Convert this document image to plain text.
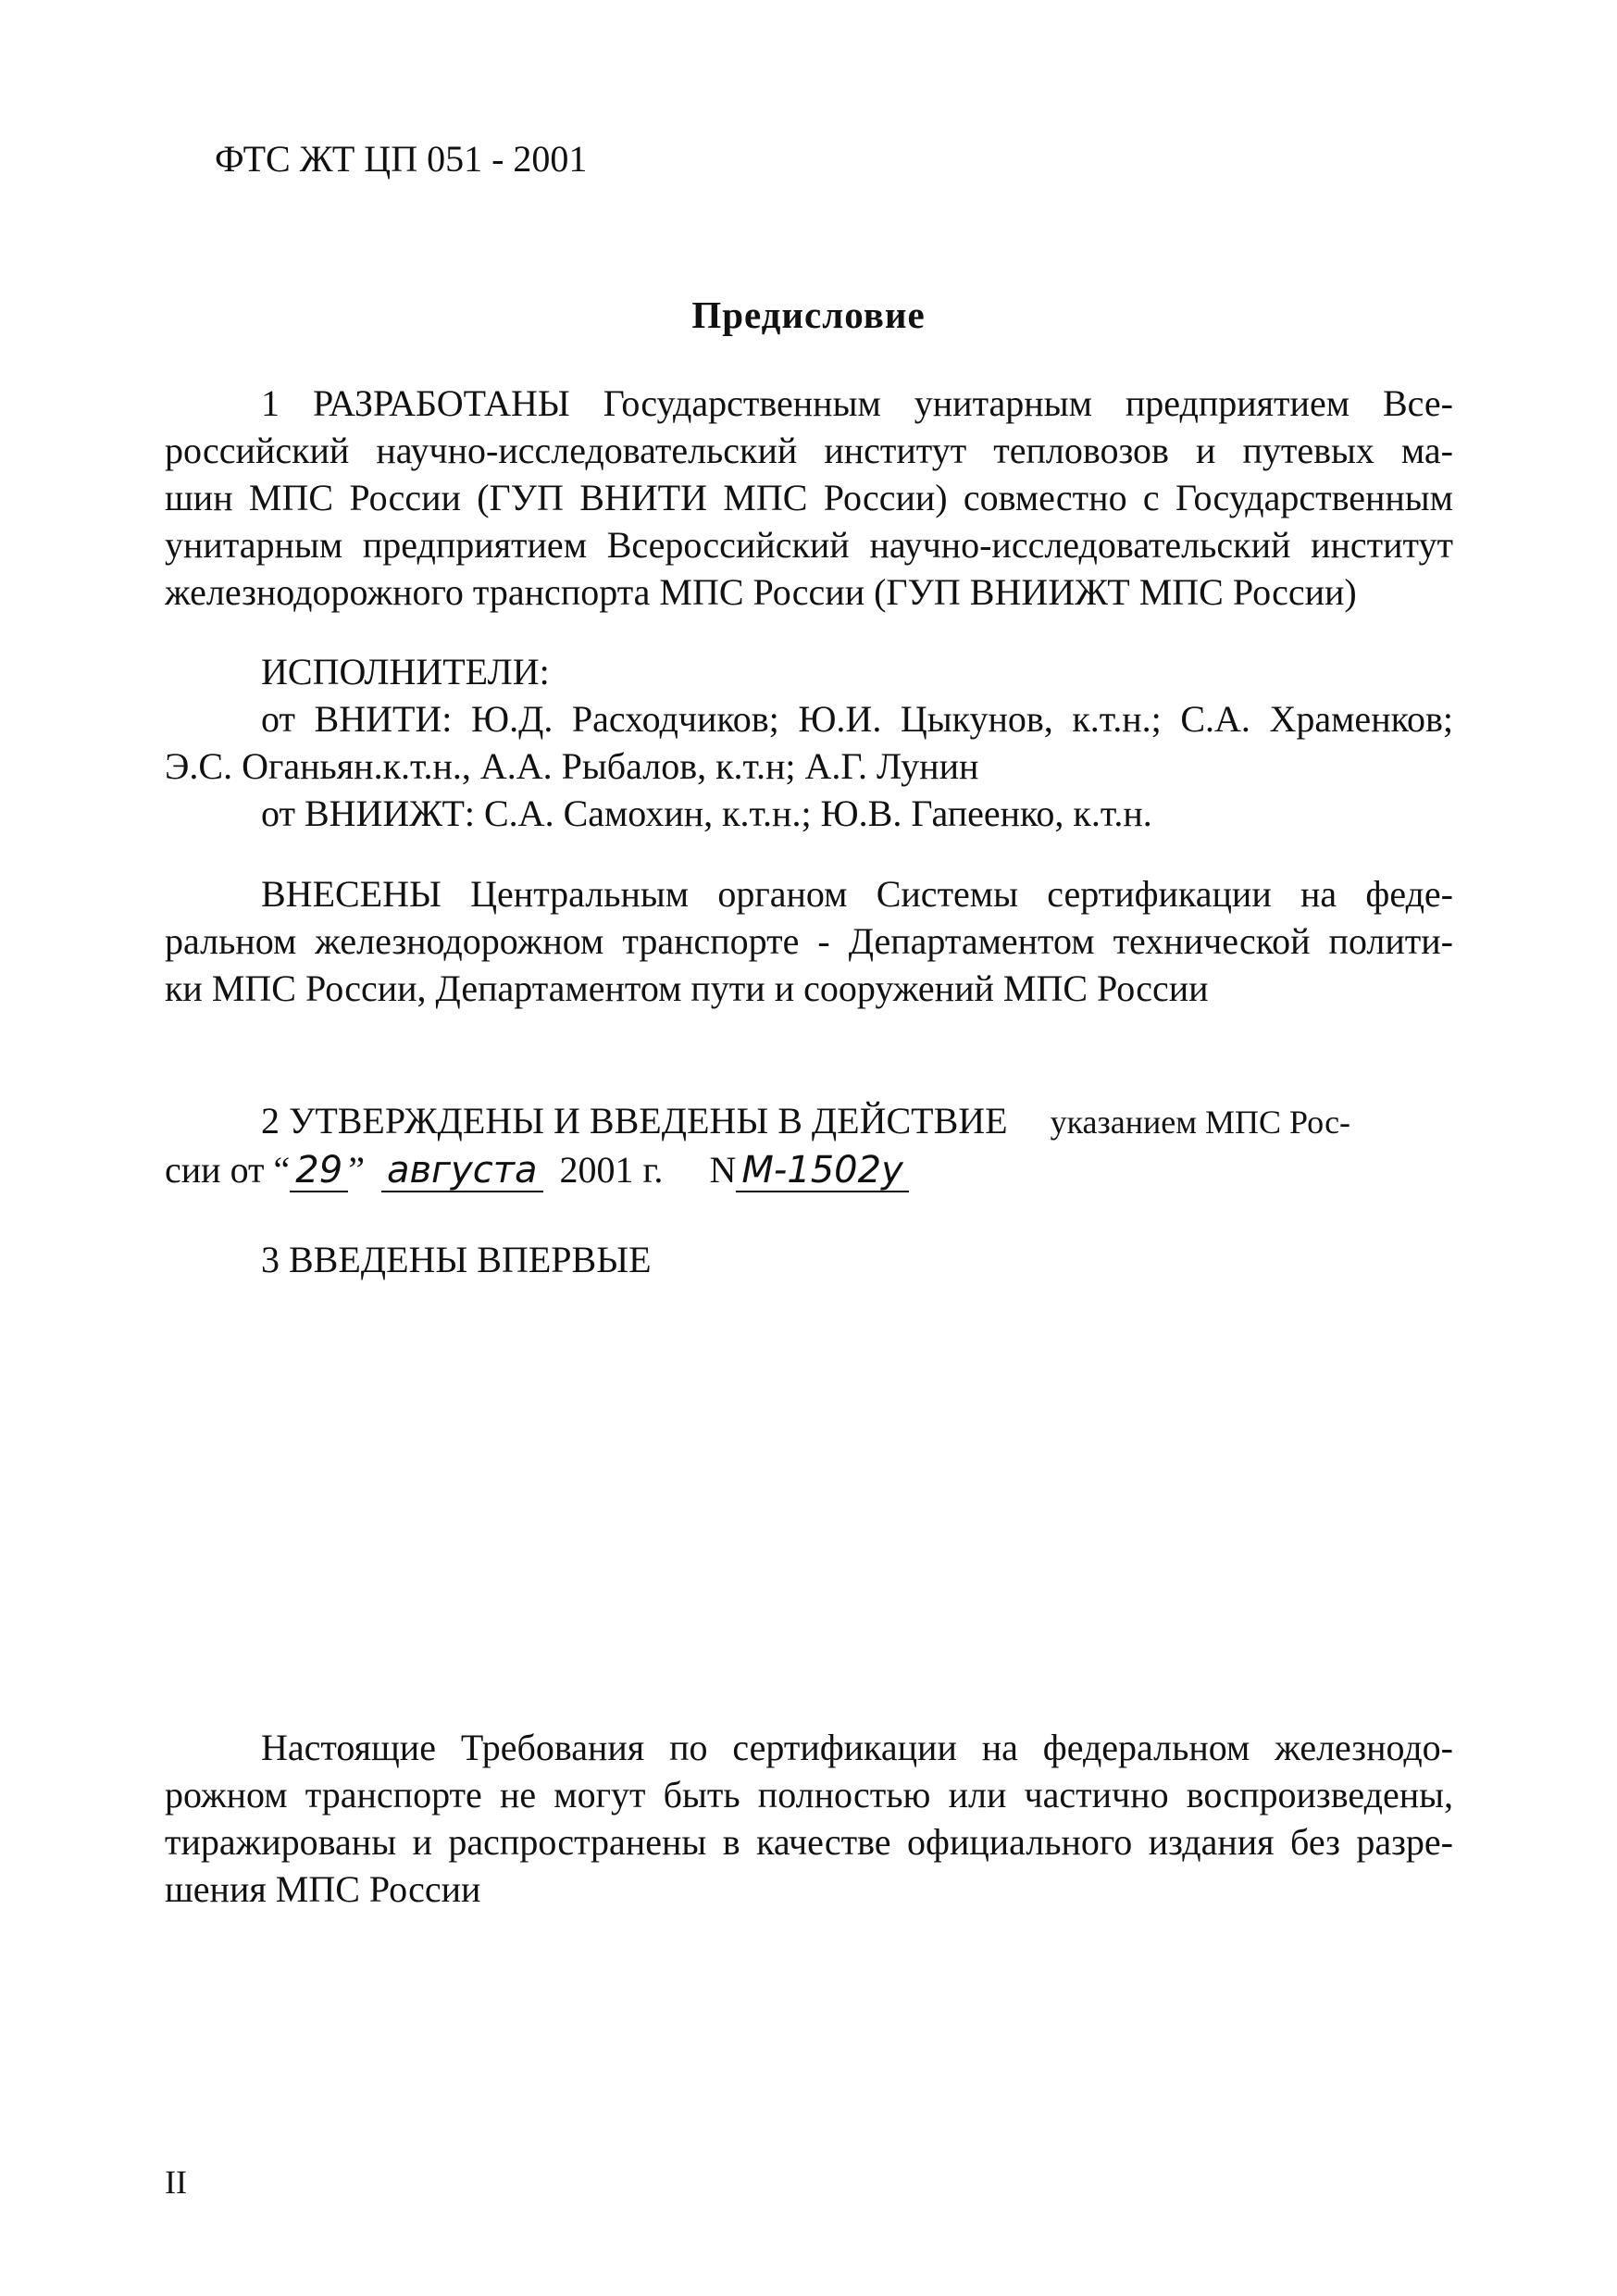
ФТС ЖТ ЦП 051 - 2001
Предисловие
1 РАЗРАБОТАНЫ Государственным унитарным предприятием Все-
российский научно-исследовательский институт тепловозов и путевых ма-
шин МПС России (ГУП ВНИТИ МПС России) совместно с Государственным
унитарным предприятием Всероссийский научно-исследовательский институт
железнодорожного транспорта МПС России (ГУП ВНИИЖТ МПС России)
ИСПОЛНИТЕЛИ:
от ВНИТИ: Ю.Д. Расходчиков; Ю.И. Цыкунов, к.т.н.; С.А. Храменков;
Э.С. Оганьян.к.т.н., А.А. Рыбалов, к.т.н; А.Г. Лунин
от ВНИИЖТ: С.А. Самохин, к.т.н.; Ю.В. Гапеенко, к.т.н.
ВНЕСЕНЫ Центральным органом Системы сертификации на феде-
ральном железнодорожном транспорте - Департаментом технической полити-
ки МПС России, Департаментом пути и сооружений МПС России
2 УТВЕРЖДЕНЫ И ВВЕДЕНЫ В ДЕЙСТВИЕ указанием МПС Рос-
сии от “ 29 ” августа 2001 г. N М-1502у
3 ВВЕДЕНЫ ВПЕРВЫЕ
Настоящие Требования по сертификации на федеральном железнодо-
рожном транспорте не могут быть полностью или частично воспроизведены,
тиражированы и распространены в качестве официального издания без разре-
шения МПС России
II
